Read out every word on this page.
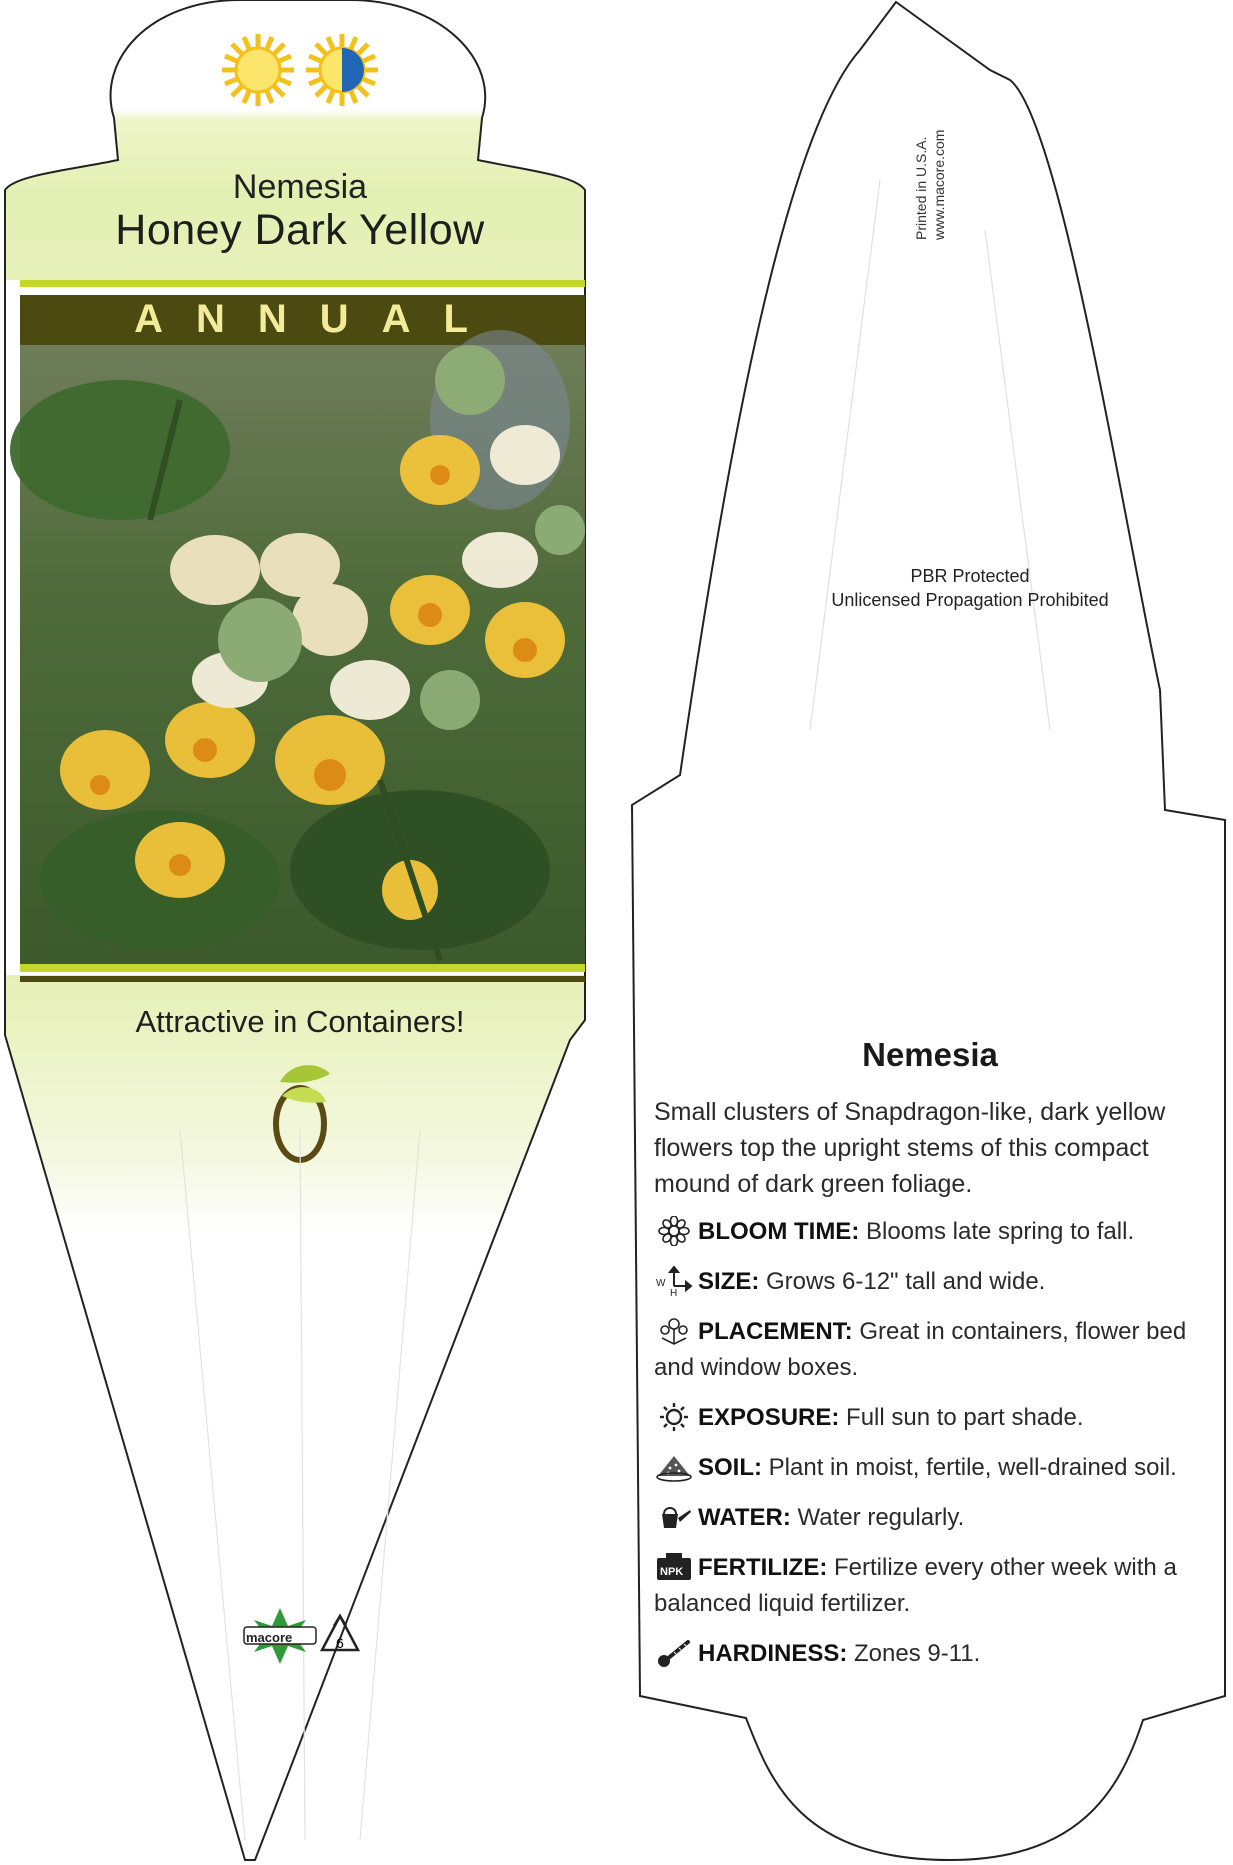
Nemesia
Honey Dark Yellow
ANNUAL
Attractive in Containers!
macore	6
Printed in U.S.A. www.macore.com
PBR Protected
Unlicensed Propagation Prohibited
Nemesia
Small clusters of Snapdragon-like, dark yellow flowers top the upright stems of this compact mound of dark green foliage.
BLOOM TIME: Blooms late spring to fall.
W
H SIZE: Grows 6-12" tall and wide.
PLACEMENT: Great in containers, flower bed and window boxes.
EXPOSURE: Full sun to part shade.
SOIL: Plant in moist, fertile, well-drained soil.
WATER: Water regularly.
NPK FERTILIZE: Fertilize every other week with a balanced liquid fertilizer.
HARDINESS: Zones 9-11.
